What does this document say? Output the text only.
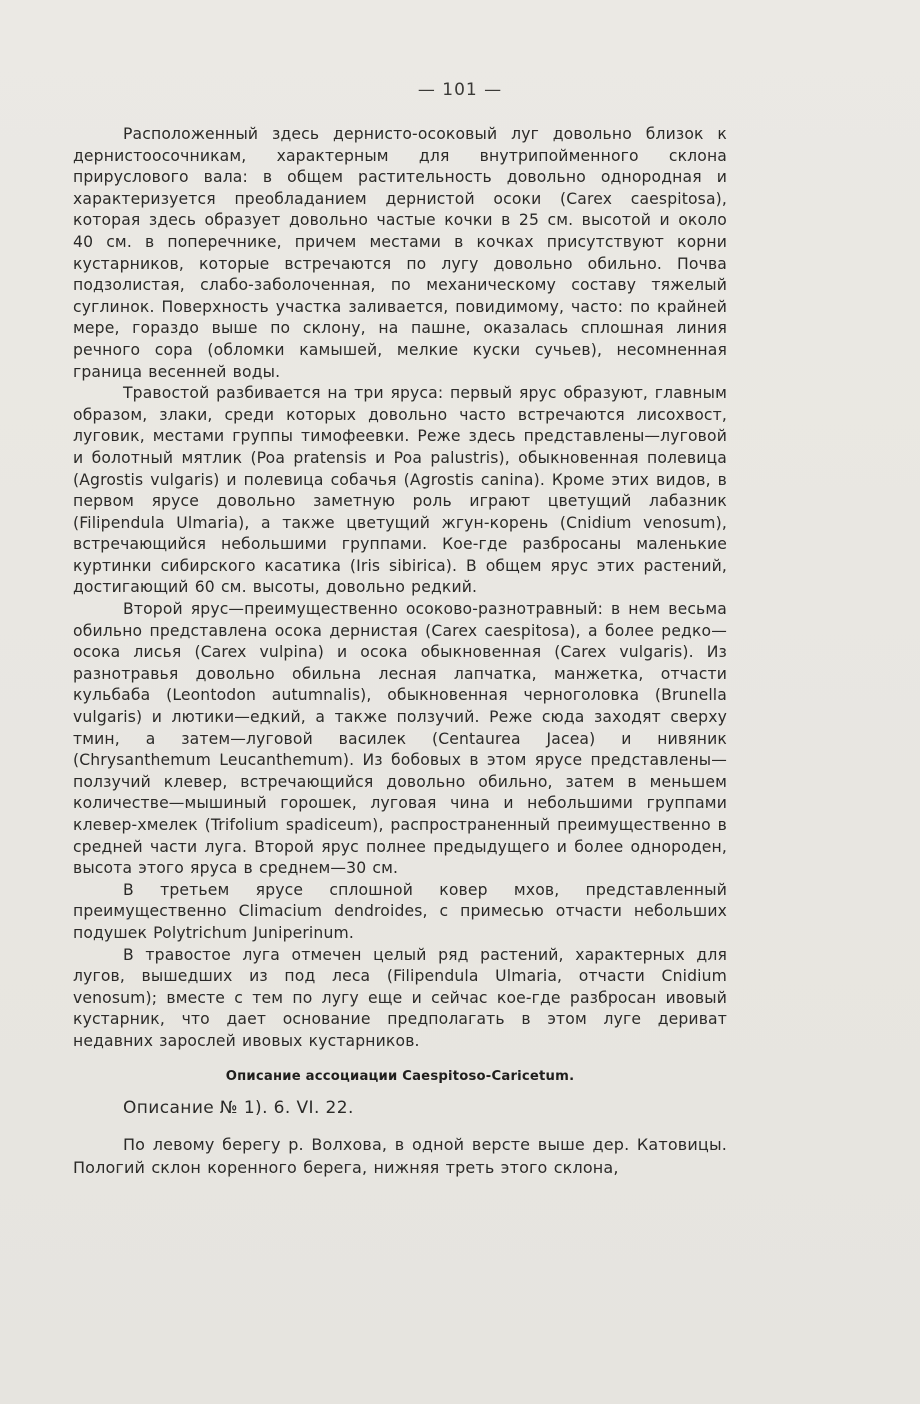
— 101 —

Расположенный здесь дернисто-осоковый луг довольно близок к дернистоосочникам, характерным для внутрипойменного склона прируслового вала: в общем растительность довольно однородная и характеризуется преобладанием дернистой осоки (Carex caespitosa), которая здесь образует довольно частые кочки в 25 см. высотой и около 40 см. в поперечнике, причем местами в кочках присутствуют корни кустарников, которые встречаются по лугу довольно обильно. Почва подзолистая, слабо-заболоченная, по механическому составу тяжелый суглинок. Поверхность участка заливается, повидимому, часто: по крайней мере, гораздо выше по склону, на пашне, оказалась сплошная линия речного сора (обломки камышей, мелкие куски сучьев), несомненная граница весенней воды.

Травостой разбивается на три яруса: первый ярус образуют, главным образом, злаки, среди которых довольно часто встречаются лисохвост, луговик, местами группы тимофеевки. Реже здесь представлены—луговой и болотный мятлик (Poa pratensis и Poa palustris), обыкновенная полевица (Agrostis vulgaris) и полевица собачья (Agrostis canina). Кроме этих видов, в первом ярусе довольно заметную роль играют цветущий лабазник (Filipendula Ulmaria), а также цветущий жгун-корень (Cnidium venosum), встречающийся небольшими группами. Кое-где разбросаны маленькие куртинки сибирского касатика (Iris sibirica). В общем ярус этих растений, достигающий 60 см. высоты, довольно редкий.

Второй ярус—преимущественно осоково-разнотравный: в нем весьма обильно представлена осока дернистая (Carex caespitosa), а более редко—осока лисья (Carex vulpina) и осока обыкновенная (Carex vulgaris). Из разнотравья довольно обильна лесная лапчатка, манжетка, отчасти кульбаба (Leontodon autumnalis), обыкновенная черноголовка (Brunella vulgaris) и лютики—едкий, а также ползучий. Реже сюда заходят сверху тмин, а затем—луговой василек (Centaurea Jacea) и нивяник (Chrysanthemum Leucanthemum). Из бобовых в этом ярусе представлены—ползучий клевер, встречающийся довольно обильно, затем в меньшем количестве—мышиный горошек, луговая чина и небольшими группами клевер-хмелек (Trifolium spadiceum), распространенный преимущественно в средней части луга. Второй ярус полнее предыдущего и более однороден, высота этого яруса в среднем—30 см.

В третьем ярусе сплошной ковер мхов, представленный преимущественно Climacium dendroides, с примесью отчасти небольших подушек Polytrichum Juniperinum.

В травостое луга отмечен целый ряд растений, характерных для лугов, вышедших из под леса (Filipendula Ulmaria, отчасти Cnidium venosum); вместе с тем по лугу еще и сейчас кое-где разбросан ивовый кустарник, что дает основание предполагать в этом луге дериват недавних зарослей ивовых кустарников.

Описание ассоциации Caespitoso-Caricetum.
Описание № 1). 6. VI. 22.

По левому берегу р. Волхова, в одной версте выше дер. Катовицы. Пологий склон коренного берега, нижняя треть этого склона,
